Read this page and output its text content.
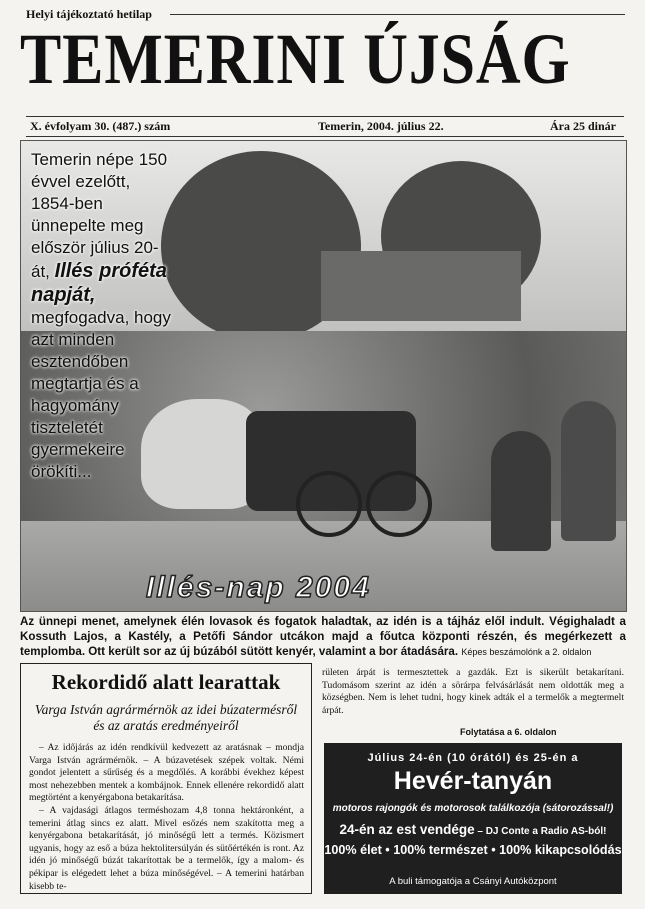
Helyi tájékoztató hetilap
TEMERINI ÚJSÁG
X. évfolyam 30. (487.) szám	Temerin, 2004. július 22.	Ára 25 dinár
Temerin népe 150 évvel ezelőtt, 1854-ben ünnepelte meg először július 20-át, Illés próféta napját, megfogadva, hogy azt minden esztendőben megtartja és a hagyomány tiszteletét gyermekeire örökíti...
Illés-nap 2004
Az ünnepi menet, amelynek élén lovasok és fogatok haladtak, az idén is a tájház elől indult. Végighaladt a Kossuth Lajos, a Kastély, a Petőfi Sándor utcákon majd a főutca központi részén, és megérkezett a templomba. Ott került sor az új búzából sütött kenyér, valamint a bor átadására. Képes beszámolónk a 2. oldalon
Rekordidő alatt learattak
Varga István agrármérnök az idei búzatermésről és az aratás eredményeiről

– Az időjárás az idén rendkívül kedvezett az aratásnak – mondja Varga István agrármérnök. – A búzavetések szépek voltak. Némi gondot jelentett a sűrűség és a megdőlés. A korábbi évekhez képest most nehezebben mentek a kombájnok. Ennek ellenére rekordidő alatt megtörtént a kenyérgabona betakarítása.

– A vajdasági átlagos terméshozam 4,8 tonna hektáronként, a temerini átlag sincs ez alatt. Mivel esőzés nem szakította meg a kenyérgabona betakarítását, jó minőségű lett a termés. Közismert ugyanis, hogy az eső a búza hektolitersúlyán és sütőértékén is ront. Az idén jó minőségű búzát takarítottak be a termelők, így a malom- és pékipar is elégedett lehet a búza minőségével. – A temerini határban kisebb te-

rületen árpát is termesztettek a gazdák. Ezt is sikerült betakarítani. Tudomásom szerint az idén a sörárpa felvásárlását nem oldották meg a községben. Nem is lehet tudni, hogy kinek adták el a termelők a megtermelt árpát.
Folytatása a 6. oldalon
Július 24-én (10 órától) és 25-én a
Hevér-tanyán
motoros rajongók és motorosok találkozója (sátorozással!)
24-én az est vendége – DJ Conte a Radio AS-ból!
100% élet • 100% természet • 100% kikapcsolódás
A buli támogatója a Csányi Autóközpont
